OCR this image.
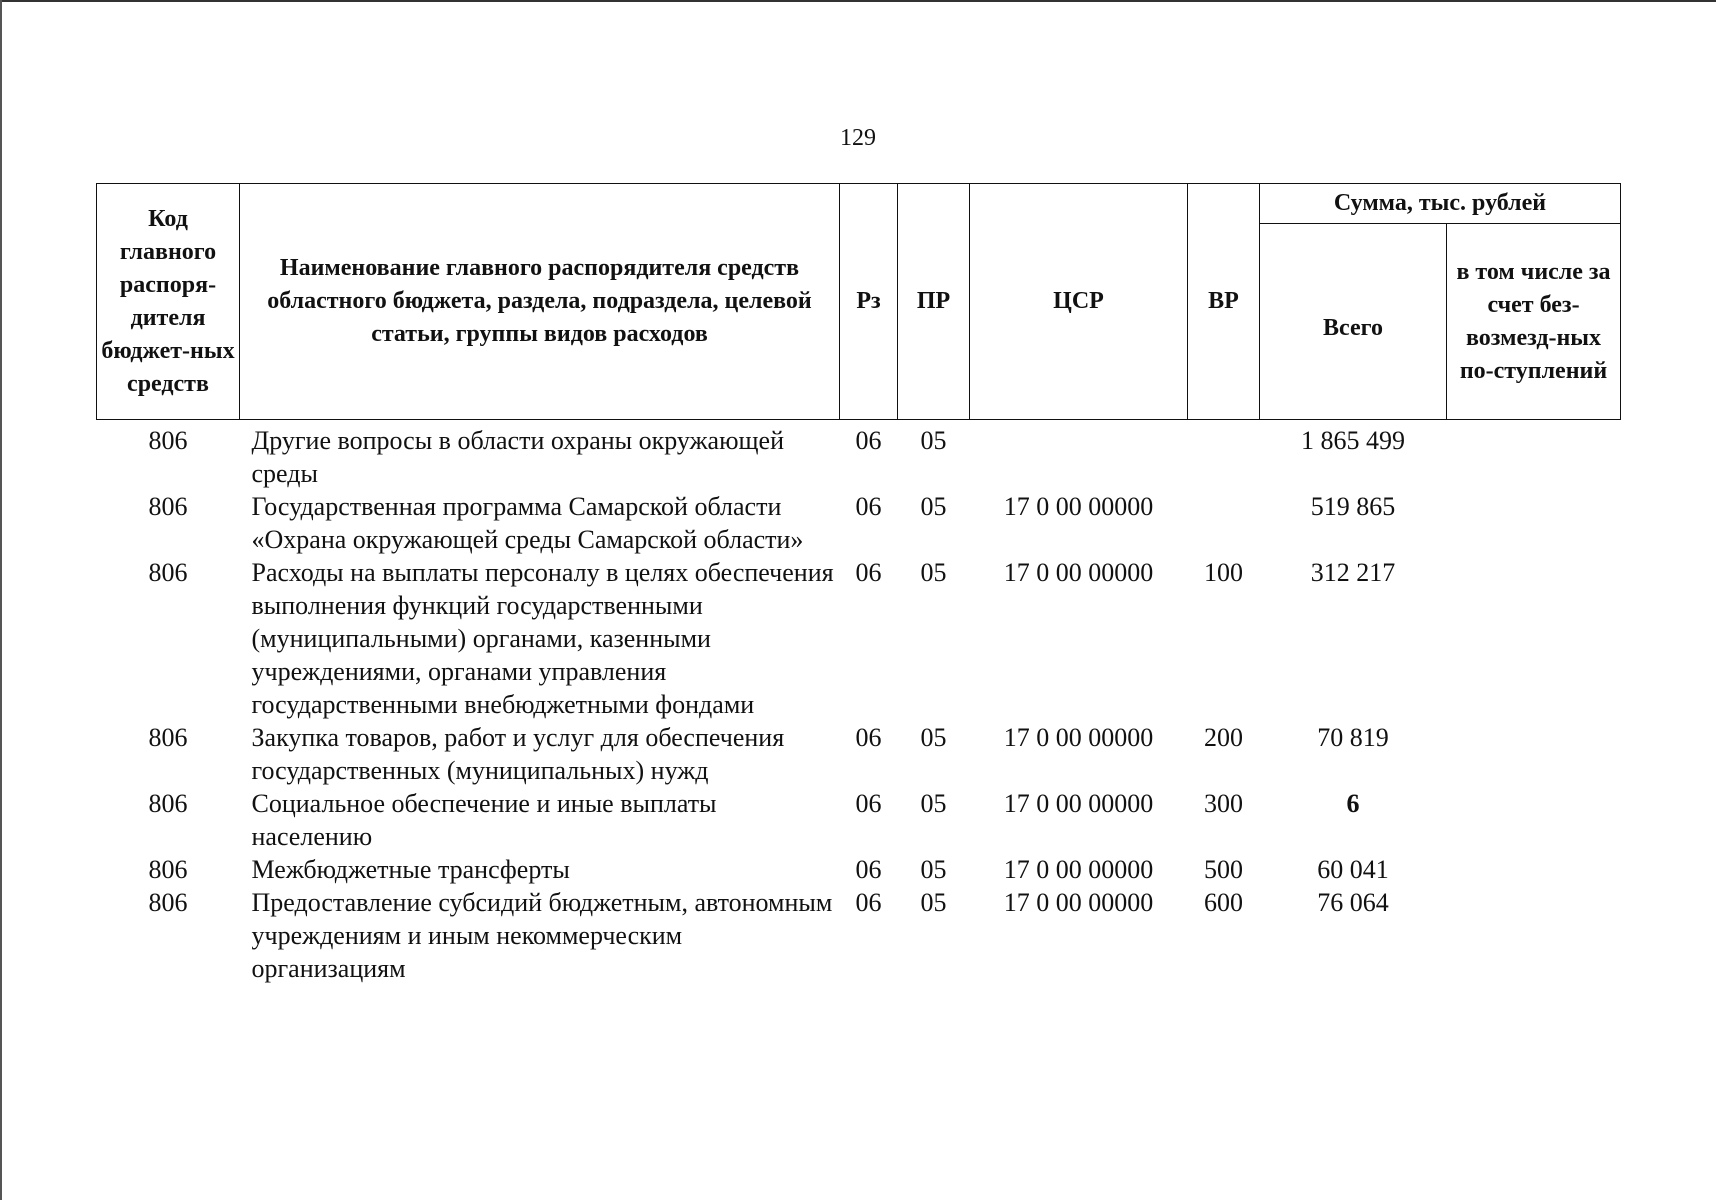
129
Код главного распоря-дителя бюджет-ных средств	Наименование главного распорядителя средств областного бюджета, раздела, подраздела, целевой статьи, группы видов расходов	Рз	ПР	ЦСР	ВР	Сумма, тыс. рублей	
						Всего	в том числе за счет без-возмезд-ных по-ступлений
806	Другие вопросы в области охраны окружающей среды	06	05			1 865 499	
806	Государственная программа Самарской области «Охрана окружающей среды Самарской области»	06	05	17 0 00 00000		519 865	
806	Расходы на выплаты персоналу в целях обеспечения выполнения функций государственными (муниципальными) органами, казенными учреждениями, органами управления государственными внебюджетными фондами	06	05	17 0 00 00000	100	312 217	
806	Закупка товаров, работ и услуг для обеспечения государственных (муниципальных) нужд	06	05	17 0 00 00000	200	70 819	
806	Социальное обеспечение и иные выплаты населению	06	05	17 0 00 00000	300	6	
806	Межбюджетные трансферты	06	05	17 0 00 00000	500	60 041	
806	Предоставление субсидий бюджетным, автономным учреждениям и иным некоммерческим организациям	06	05	17 0 00 00000	600	76 064	
